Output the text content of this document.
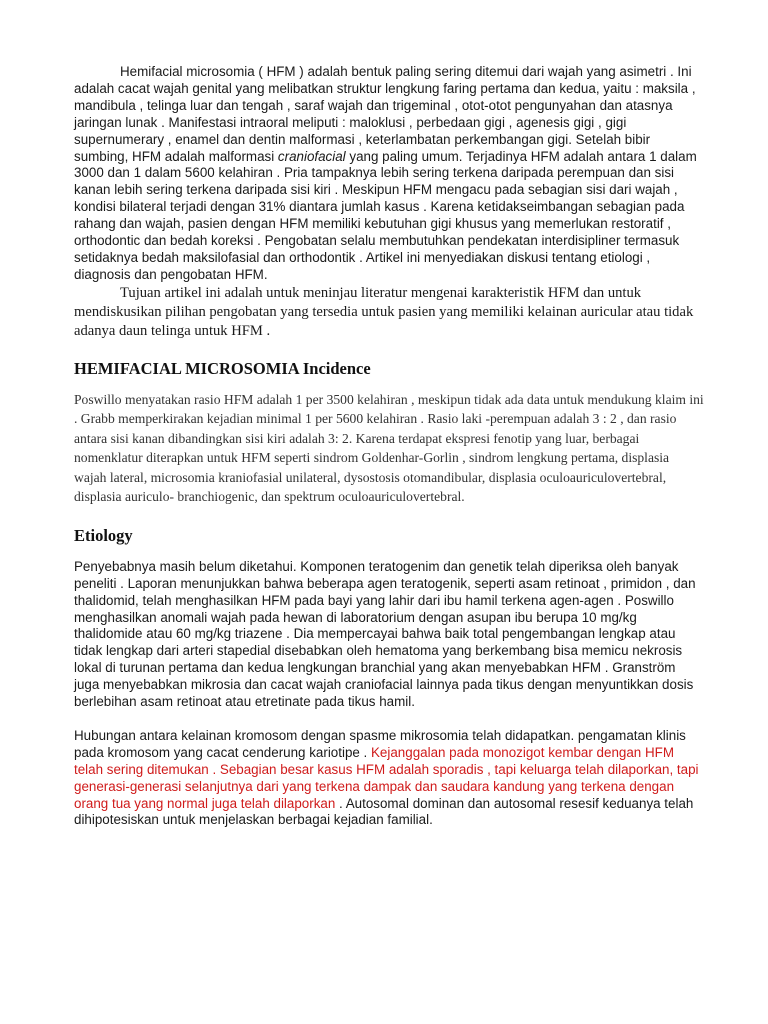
Hemifacial microsomia ( HFM ) adalah bentuk paling sering ditemui dari wajah yang asimetri . Ini adalah cacat wajah genital yang melibatkan struktur lengkung faring pertama dan kedua, yaitu : maksila , mandibula , telinga luar dan tengah , saraf wajah dan trigeminal , otot-otot pengunyahan dan atasnya jaringan lunak . Manifestasi intraoral meliputi : maloklusi , perbedaan gigi , agenesis gigi , gigi supernumerary , enamel dan dentin malformasi , keterlambatan perkembangan gigi. Setelah bibir sumbing, HFM adalah malformasi craniofacial yang paling umum. Terjadinya HFM adalah antara 1 dalam 3000 dan 1 dalam 5600 kelahiran . Pria tampaknya lebih sering terkena daripada perempuan dan sisi kanan lebih sering terkena daripada sisi kiri . Meskipun HFM mengacu pada sebagian sisi dari wajah , kondisi bilateral terjadi dengan 31% diantara jumlah kasus . Karena ketidakseimbangan sebagian pada rahang dan wajah, pasien dengan HFM memiliki kebutuhan gigi khusus yang memerlukan restoratif , orthodontic dan bedah koreksi . Pengobatan selalu membutuhkan pendekatan interdisipliner termasuk setidaknya bedah maksilofasial dan orthodontik . Artikel ini menyediakan diskusi tentang etiologi , diagnosis dan pengobatan HFM.

Tujuan artikel ini adalah untuk meninjau literatur mengenai karakteristik HFM dan untuk mendiskusikan pilihan pengobatan yang tersedia untuk pasien yang memiliki kelainan auricular atau tidak adanya daun telinga untuk HFM .

HEMIFACIAL MICROSOMIA Incidence

Poswillo menyatakan rasio HFM adalah 1 per 3500 kelahiran , meskipun tidak ada data untuk mendukung klaim ini . Grabb memperkirakan kejadian minimal 1 per 5600 kelahiran . Rasio laki -perempuan adalah 3 : 2 , dan rasio antara sisi kanan dibandingkan sisi kiri adalah 3: 2. Karena terdapat ekspresi fenotip yang luar, berbagai nomenklatur diterapkan untuk HFM seperti sindrom Goldenhar-Gorlin , sindrom lengkung pertama, displasia wajah lateral, microsomia kraniofasial unilateral, dysostosis otomandibular, displasia oculoauriculovertebral, displasia auriculo- branchiogenic, dan spektrum oculoauriculovertebral.

Etiology

Penyebabnya masih belum diketahui. Komponen teratogenim dan genetik telah diperiksa oleh banyak peneliti . Laporan menunjukkan bahwa beberapa agen teratogenik, seperti asam retinoat , primidon , dan thalidomid, telah menghasilkan HFM pada bayi yang lahir dari ibu hamil terkena agen-agen . Poswillo menghasilkan anomali wajah pada hewan di laboratorium dengan asupan ibu berupa 10 mg/kg thalidomide atau 60 mg/kg triazene . Dia mempercayai bahwa baik total pengembangan lengkap atau tidak lengkap dari arteri stapedial disebabkan oleh hematoma yang berkembang bisa memicu nekrosis lokal di turunan pertama dan kedua lengkungan branchial yang akan menyebabkan HFM . Granström juga menyebabkan mikrosia dan cacat wajah craniofacial lainnya pada tikus dengan menyuntikkan dosis berlebihan asam retinoat atau etretinate pada tikus hamil.

Hubungan antara kelainan kromosom dengan spasme mikrosomia telah didapatkan. pengamatan klinis pada kromosom yang cacat cenderung kariotipe . Kejanggalan pada monozigot kembar dengan HFM telah sering ditemukan . Sebagian besar kasus HFM adalah sporadis , tapi keluarga telah dilaporkan, tapi generasi-generasi selanjutnya dari yang terkena dampak dan saudara kandung yang terkena dengan orang tua yang normal juga telah dilaporkan . Autosomal dominan dan autosomal resesif keduanya telah dihipotesiskan untuk menjelaskan berbagai kejadian familial.
